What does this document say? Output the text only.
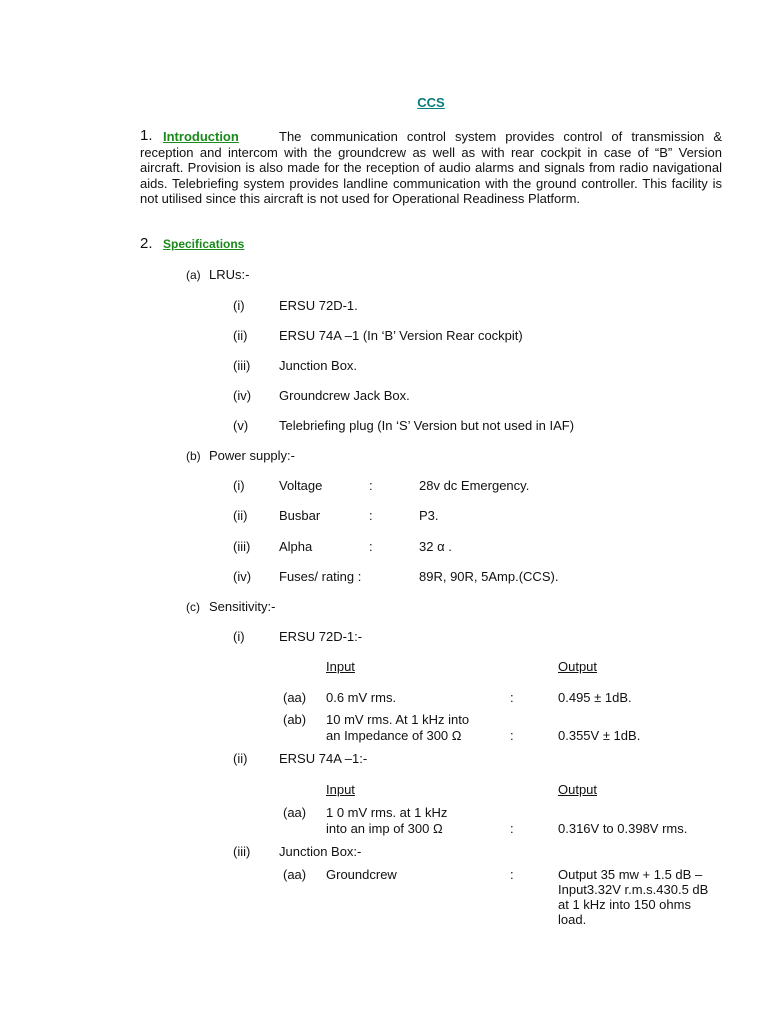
CCS
1. Introduction	The communication control system provides control of transmission & reception and intercom with the groundcrew as well as with rear cockpit in case of “B” Version aircraft. Provision is also made for the reception of audio alarms and signals from radio navigational aids. Telebriefing system provides landline communication with the ground controller. This facility is not utilised since this aircraft is not used for Operational Readiness Platform.
2. Specifications
(a) LRUs:-
(i)	ERSU 72D-1.
(ii) ERSU 74A –1 (In ‘B’ Version Rear cockpit)
(iii) Junction Box.
(iv) Groundcrew Jack Box.
(v) Telebriefing plug (In ‘S’ Version but not used in IAF)
(b) Power supply:-
(i)	Voltage	:	28v dc Emergency.
(ii) Busbar	:	P3.
(iii) Alpha	:	32 α .
(iv) Fuses/ rating :	89R, 90R, 5Amp.(CCS).
(c) Sensitivity:-
(i)	ERSU 72D-1:-
Input	Output
(aa) 0.6 mV rms.	:	0.495 ± 1dB.
(ab) 10 mV rms. At 1 kHz into
an Impedance of 300 Ω	:	0.355V ± 1dB.
(ii) ERSU 74A –1:-
Input	Output
(aa) 1 0 mV rms. at 1 kHz
into an imp of 300 Ω	:	0.316V to 0.398V rms.
(iii) Junction Box:-
(aa) Groundcrew	:	Output 35 mw + 1.5 dB –
Input3.32V r.m.s.430.5 dB
at 1 kHz into 150 ohms
load.
